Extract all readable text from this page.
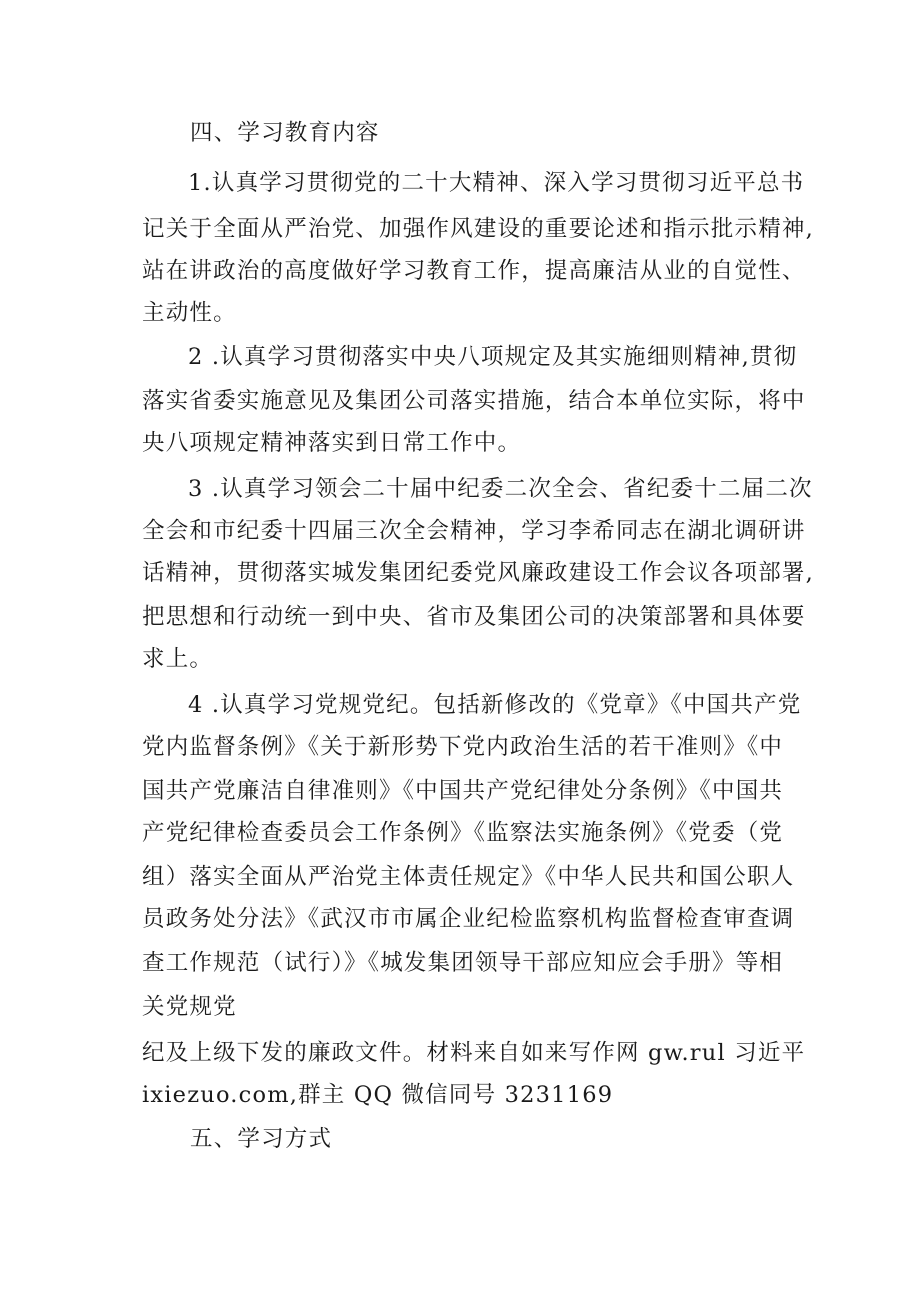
四、学习教育内容
1.认真学习贯彻党的二十大精神、深入学习贯彻习近平总书
记关于全面从严治党、加强作风建设的重要论述和指示批示精神,
站在讲政治的高度做好学习教育工作，提高廉洁从业的自觉性、
主动性。
2 .认真学习贯彻落实中央八项规定及其实施细则精神,贯彻
落实省委实施意见及集团公司落实措施，结合本单位实际，将中
央八项规定精神落实到日常工作中。
3 .认真学习领会二十届中纪委二次全会、省纪委十二届二次
全会和市纪委十四届三次全会精神，学习李希同志在湖北调研讲
话精神，贯彻落实城发集团纪委党风廉政建设工作会议各项部署,
把思想和行动统一到中央、省市及集团公司的决策部署和具体要
求上。
4 .认真学习党规党纪。包括新修改的《党章》《中国共产党
党内监督条例》《关于新形势下党内政治生活的若干准则》《中
国共产党廉洁自律准则》《中国共产党纪律处分条例》《中国共
产党纪律检查委员会工作条例》《监察法实施条例》《党委（党
组）落实全面从严治党主体责任规定》《中华人民共和国公职人
员政务处分法》《武汉市市属企业纪检监察机构监督检查审查调
查工作规范（试行）》《城发集团领导干部应知应会手册》等相
关党规党
纪及上级下发的廉政文件。材料来自如来写作网 gw.rul 习近平
ixiezuo.com,群主 QQ 微信同号 3231169
五、学习方式
